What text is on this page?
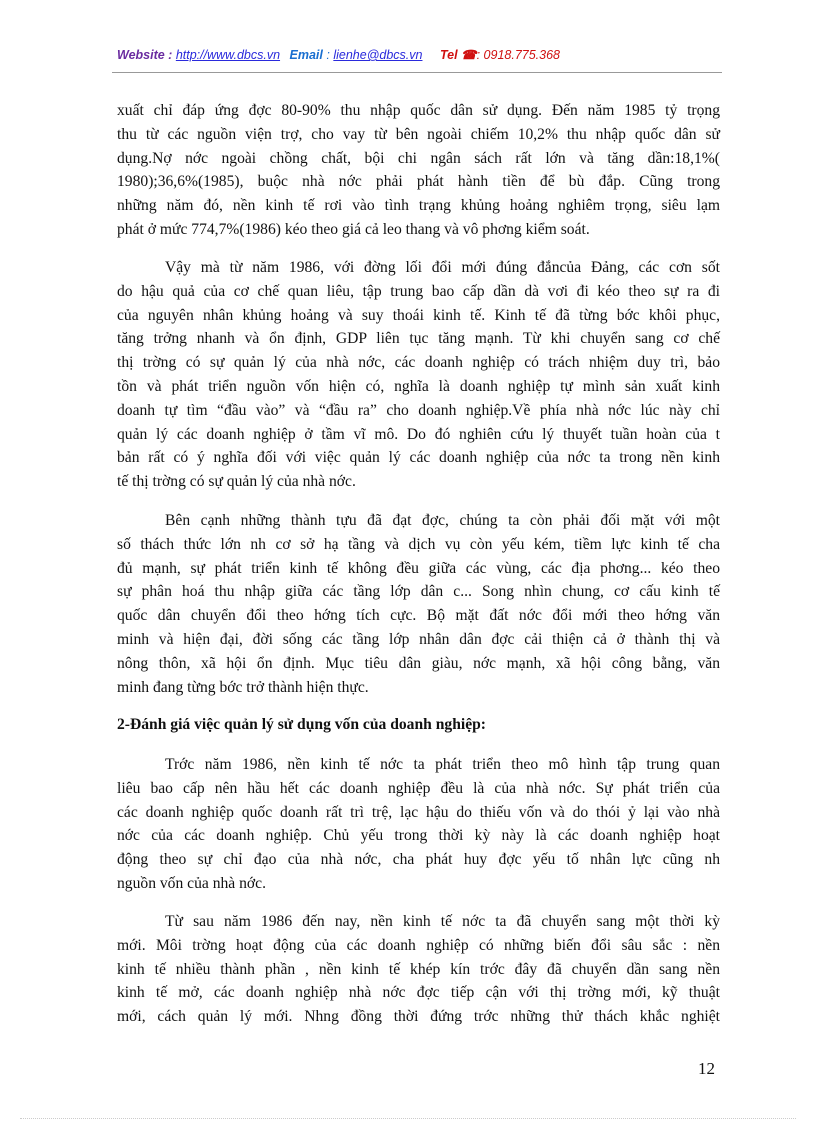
Website : http://www.dbcs.vn Email : lienhe@dbcs.vn Tel ☎: 0918.775.368
xuất chỉ đáp ứng đợc 80-90% thu nhập quốc dân sử dụng. Đến năm 1985 tỷ trọng
thu từ các nguồn viện trợ, cho vay từ bên ngoài chiếm 10,2% thu nhập quốc dân sử
dụng.Nợ nớc ngoài chồng chất, bội chi ngân sách rất lớn và tăng dần:18,1%(
1980);36,6%(1985), buộc nhà nớc phải phát hành tiền để bù đắp. Cũng trong
những năm đó, nền kinh tế rơi vào tình trạng khủng hoảng nghiêm trọng, siêu lạm
phát ở mức 774,7%(1986) kéo theo giá cả leo thang và vô phơng kiểm soát.
Vậy mà từ năm 1986, với đờng lối đổi mới đúng đắncủa Đảng, các cơn sốt
do hậu quả của cơ chế quan liêu, tập trung bao cấp dần dà vơi đi kéo theo sự ra đi
của nguyên nhân khủng hoảng và suy thoái kinh tế. Kinh tế đã từng bớc khôi phục,
tăng trởng nhanh và ổn định, GDP liên tục tăng mạnh. Từ khi chuyển sang cơ chế
thị trờng có sự quản lý của nhà nớc, các doanh nghiệp có trách nhiệm duy trì, bảo
tồn và phát triển nguồn vốn hiện có, nghĩa là doanh nghiệp tự mình sản xuất kinh
doanh tự tìm “đầu vào” và “đầu ra” cho doanh nghiệp.Về phía nhà nớc lúc này chỉ
quản lý các doanh nghiệp ở tầm vĩ mô. Do đó nghiên cứu lý thuyết tuần hoàn của t
bản rất có ý nghĩa đối với việc quản lý các doanh nghiệp của nớc ta trong nền kinh
tế thị trờng có sự quản lý của nhà nớc.
Bên cạnh những thành tựu đã đạt đợc, chúng ta còn phải đối mặt với một
số thách thức lớn nh cơ sở hạ tầng và dịch vụ còn yếu kém, tiềm lực kinh tế cha
đủ mạnh, sự phát triển kinh tế không đều giữa các vùng, các địa phơng... kéo theo
sự phân hoá thu nhập giữa các tầng lớp dân c... Song nhìn chung, cơ cấu kinh tế
quốc dân chuyển đổi theo hớng tích cực. Bộ mặt đất nớc đổi mới theo hớng văn
minh và hiện đại, đời sống các tầng lớp nhân dân đợc cải thiện cả ở thành thị và
nông thôn, xã hội ổn định. Mục tiêu dân giàu, nớc mạnh, xã hội công bằng, văn
minh đang từng bớc trở thành hiện thực.
2-Đánh giá việc quản lý sử dụng vốn của doanh nghiệp:
Trớc năm 1986, nền kinh tế nớc ta phát triển theo mô hình tập trung quan
liêu bao cấp nên hầu hết các doanh nghiệp đều là của nhà nớc. Sự phát triển của
các doanh nghiệp quốc doanh rất trì trệ, lạc hậu do thiếu vốn và do thói ỷ lại vào nhà
nớc của các doanh nghiệp. Chủ yếu trong thời kỳ này là các doanh nghiệp hoạt
động theo sự chỉ đạo của nhà nớc, cha phát huy đợc yếu tố nhân lực cũng nh
nguồn vốn của nhà nớc.
Từ sau năm 1986 đến nay, nền kinh tế nớc ta đã chuyển sang một thời kỳ
mới. Môi trờng hoạt động của các doanh nghiệp có những biến đổi sâu sắc : nền
kinh tế nhiều thành phần , nền kinh tế khép kín trớc đây đã chuyển dần sang nền
kinh tế mở, các doanh nghiệp nhà nớc đợc tiếp cận với thị trờng mới, kỹ thuật
mới, cách quản lý mới. Nhng đồng thời đứng trớc những thử thách khắc nghiệt
12
